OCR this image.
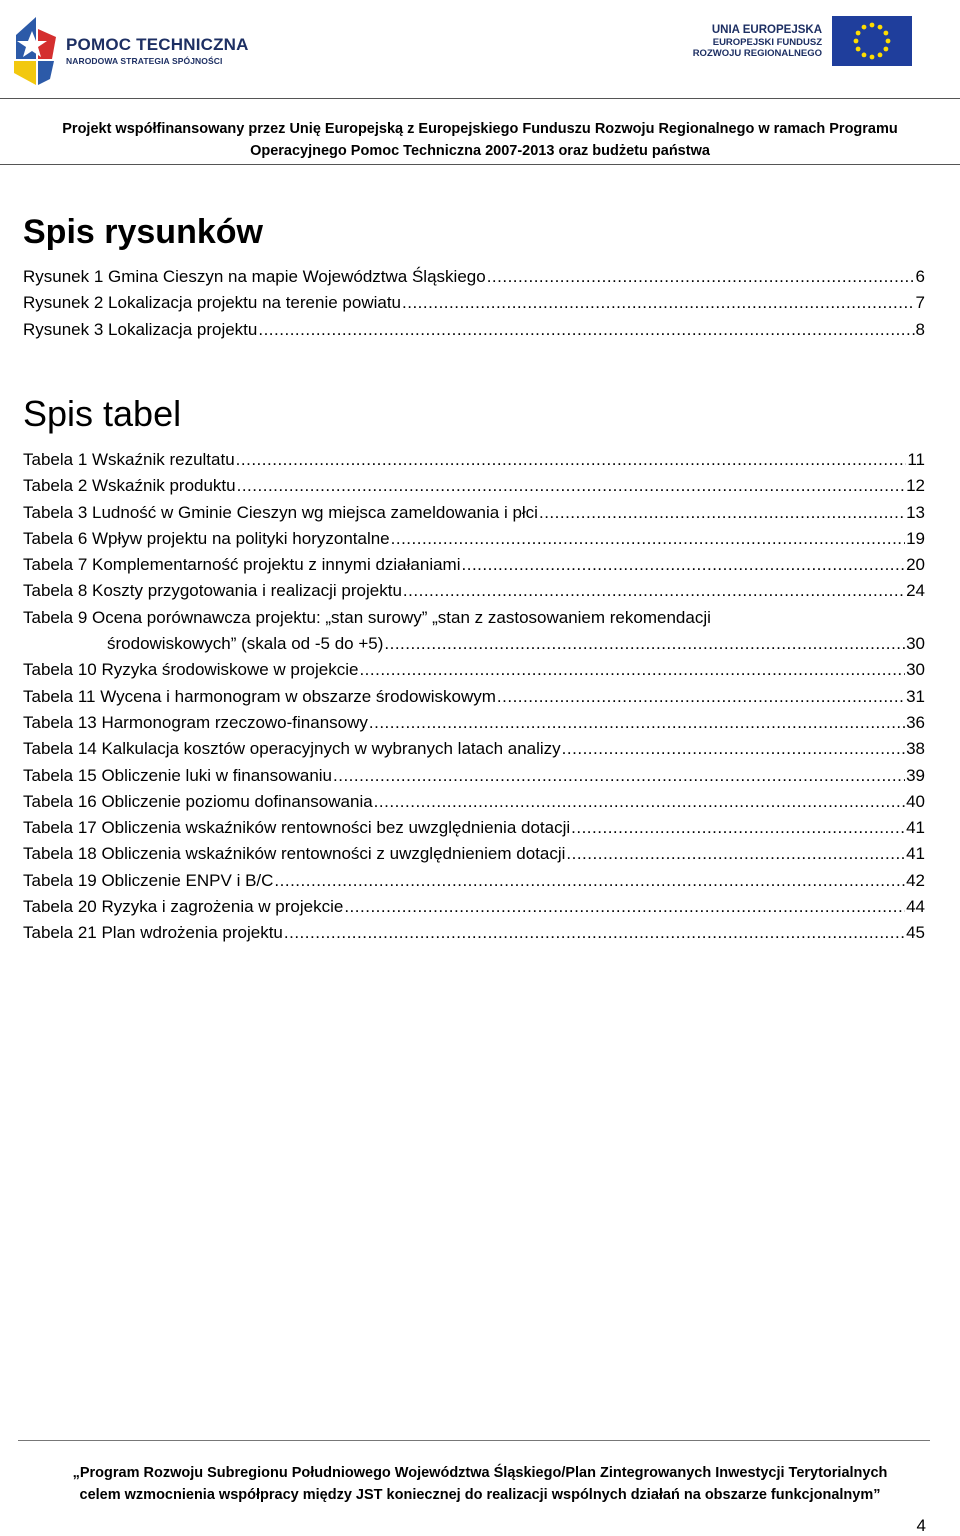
POMOC TECHNICZNA
NARODOWA STRATEGIA SPÓJNOŚCI
UNIA EUROPEJSKA
EUROPEJSKI FUNDUSZ
ROZWOJU REGIONALNEGO
Projekt współfinansowany przez Unię Europejską z Europejskiego Funduszu Rozwoju Regionalnego w ramach Programu
Operacyjnego Pomoc Techniczna 2007-2013 oraz budżetu państwa
Spis rysunków
Rysunek 1 Gmina Cieszyn na mapie Województwa Śląskiego .....	6
Rysunek 2 Lokalizacja projektu na terenie powiatu .....	7
Rysunek 3 Lokalizacja projektu .....	8
Spis tabel
Tabela 1 Wskaźnik rezultatu .....	11
Tabela 2 Wskaźnik produktu .....	12
Tabela 3 Ludność w Gminie Cieszyn wg miejsca zameldowania i płci .....	13
Tabela 6 Wpływ projektu na polityki horyzontalne .....	19
Tabela 7 Komplementarność projektu z innymi działaniami .....	20
Tabela 8 Koszty przygotowania i realizacji projektu .....	24
Tabela 9 Ocena porównawcza projektu: „stan surowy” „stan z zastosowaniem rekomendacji
środowiskowych” (skala od -5 do +5) .....	30
Tabela 10 Ryzyka środowiskowe w projekcie .....	30
Tabela 11 Wycena i harmonogram w obszarze środowiskowym .....	31
Tabela 13 Harmonogram rzeczowo-finansowy .....	36
Tabela 14 Kalkulacja kosztów operacyjnych w wybranych latach analizy .....	38
Tabela 15 Obliczenie luki w finansowaniu .....	39
Tabela 16 Obliczenie poziomu dofinansowania .....	40
Tabela 17 Obliczenia wskaźników rentowności bez uwzględnienia dotacji .....	41
Tabela 18 Obliczenia wskaźników rentowności z uwzględnieniem dotacji .....	41
Tabela 19 Obliczenie ENPV i B/C .....	42
Tabela 20 Ryzyka i zagrożenia w projekcie .....	44
Tabela 21 Plan wdrożenia projektu .....	45
„Program Rozwoju Subregionu Południowego Województwa Śląskiego/Plan Zintegrowanych Inwestycji Terytorialnych
celem wzmocnienia współpracy między JST koniecznej do realizacji wspólnych działań na obszarze funkcjonalnym”
4
